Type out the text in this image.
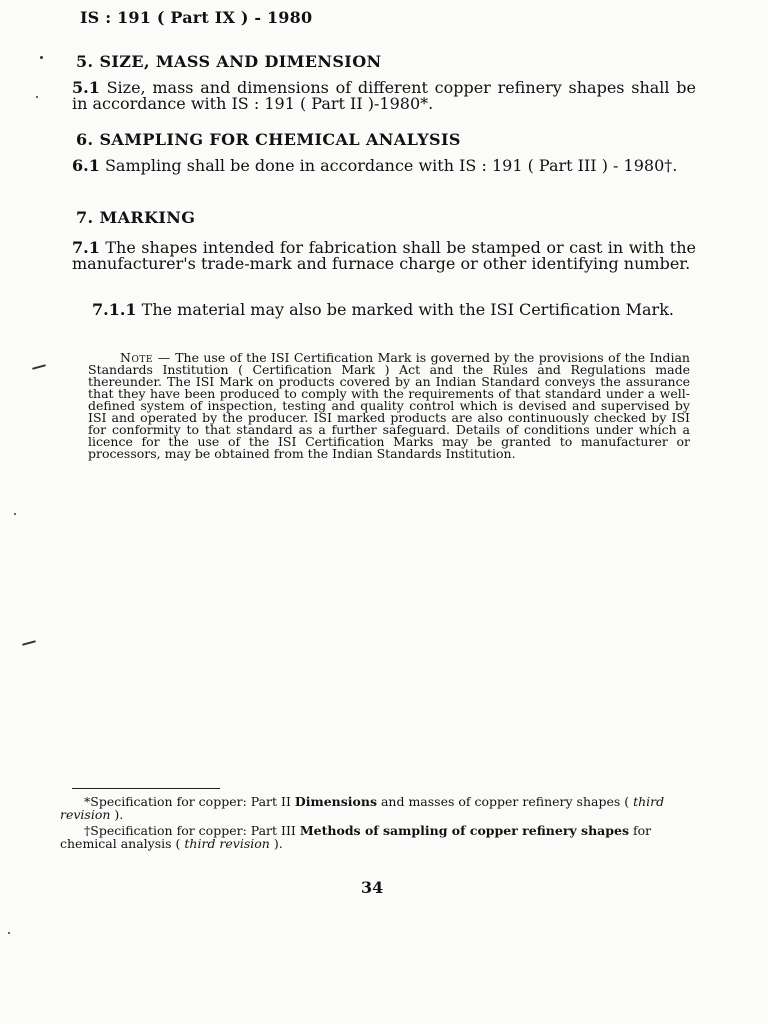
IS : 191 ( Part IX ) - 1980
5. SIZE, MASS AND DIMENSION
5.1 Size, mass and dimensions of different copper refinery shapes shall be in accordance with IS : 191 ( Part II )-1980*.
6. SAMPLING FOR CHEMICAL ANALYSIS
6.1 Sampling shall be done in accordance with IS : 191 ( Part III ) - 1980†.
7. MARKING
7.1 The shapes intended for fabrication shall be stamped or cast in with the manufacturer's trade-mark and furnace charge or other identifying number.
7.1.1 The material may also be marked with the ISI Certification Mark.
Note — The use of the ISI Certification Mark is governed by the provisions of the Indian Standards Institution ( Certification Mark ) Act and the Rules and Regulations made thereunder. The ISI Mark on products covered by an Indian Standard conveys the assurance that they have been produced to comply with the requirements of that standard under a well-defined system of inspection, testing and quality control which is devised and supervised by ISI and operated by the producer. ISI marked products are also continuously checked by ISI for conformity to that standard as a further safeguard. Details of conditions under which a licence for the use of the ISI Certification Marks may be granted to manufacturer or processors, may be obtained from the Indian Standards Institution.
*Specification for copper: Part II Dimensions and masses of copper refinery shapes ( third revision ).
†Specification for copper: Part III Methods of sampling of copper refinery shapes for chemical analysis ( third revision ).
34
